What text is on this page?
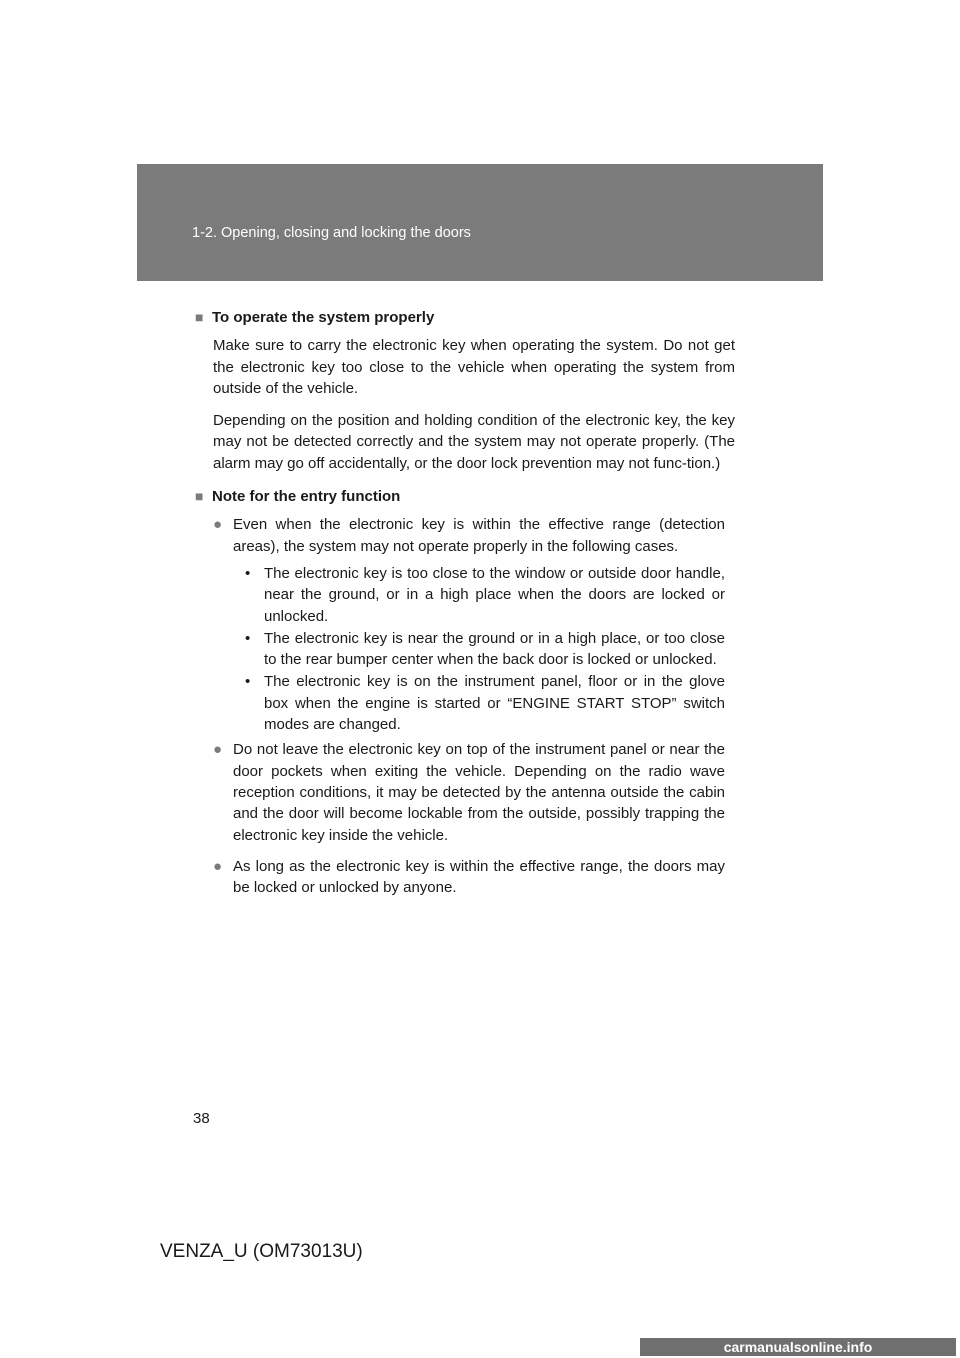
1-2. Opening, closing and locking the doors
■ To operate the system properly

Make sure to carry the electronic key when operating the system. Do not get the electronic key too close to the vehicle when operating the system from outside of the vehicle.

Depending on the position and holding condition of the electronic key, the key may not be detected correctly and the system may not operate properly. (The alarm may go off accidentally, or the door lock prevention may not func-tion.)

■ Note for the entry function
● Even when the electronic key is within the effective range (detection areas), the system may not operate properly in the following cases.
• The electronic key is too close to the window or outside door handle, near the ground, or in a high place when the doors are locked or unlocked.
• The electronic key is near the ground or in a high place, or too close to the rear bumper center when the back door is locked or unlocked.
• The electronic key is on the instrument panel, floor or in the glove box when the engine is started or “ENGINE START STOP” switch modes are changed.
● Do not leave the electronic key on top of the instrument panel or near the door pockets when exiting the vehicle. Depending on the radio wave reception conditions, it may be detected by the antenna outside the cabin and the door will become lockable from the outside, possibly trapping the electronic key inside the vehicle.
● As long as the electronic key is within the effective range, the doors may be locked or unlocked by anyone.
38
VENZA_U (OM73013U)
carmanualsonline.info
